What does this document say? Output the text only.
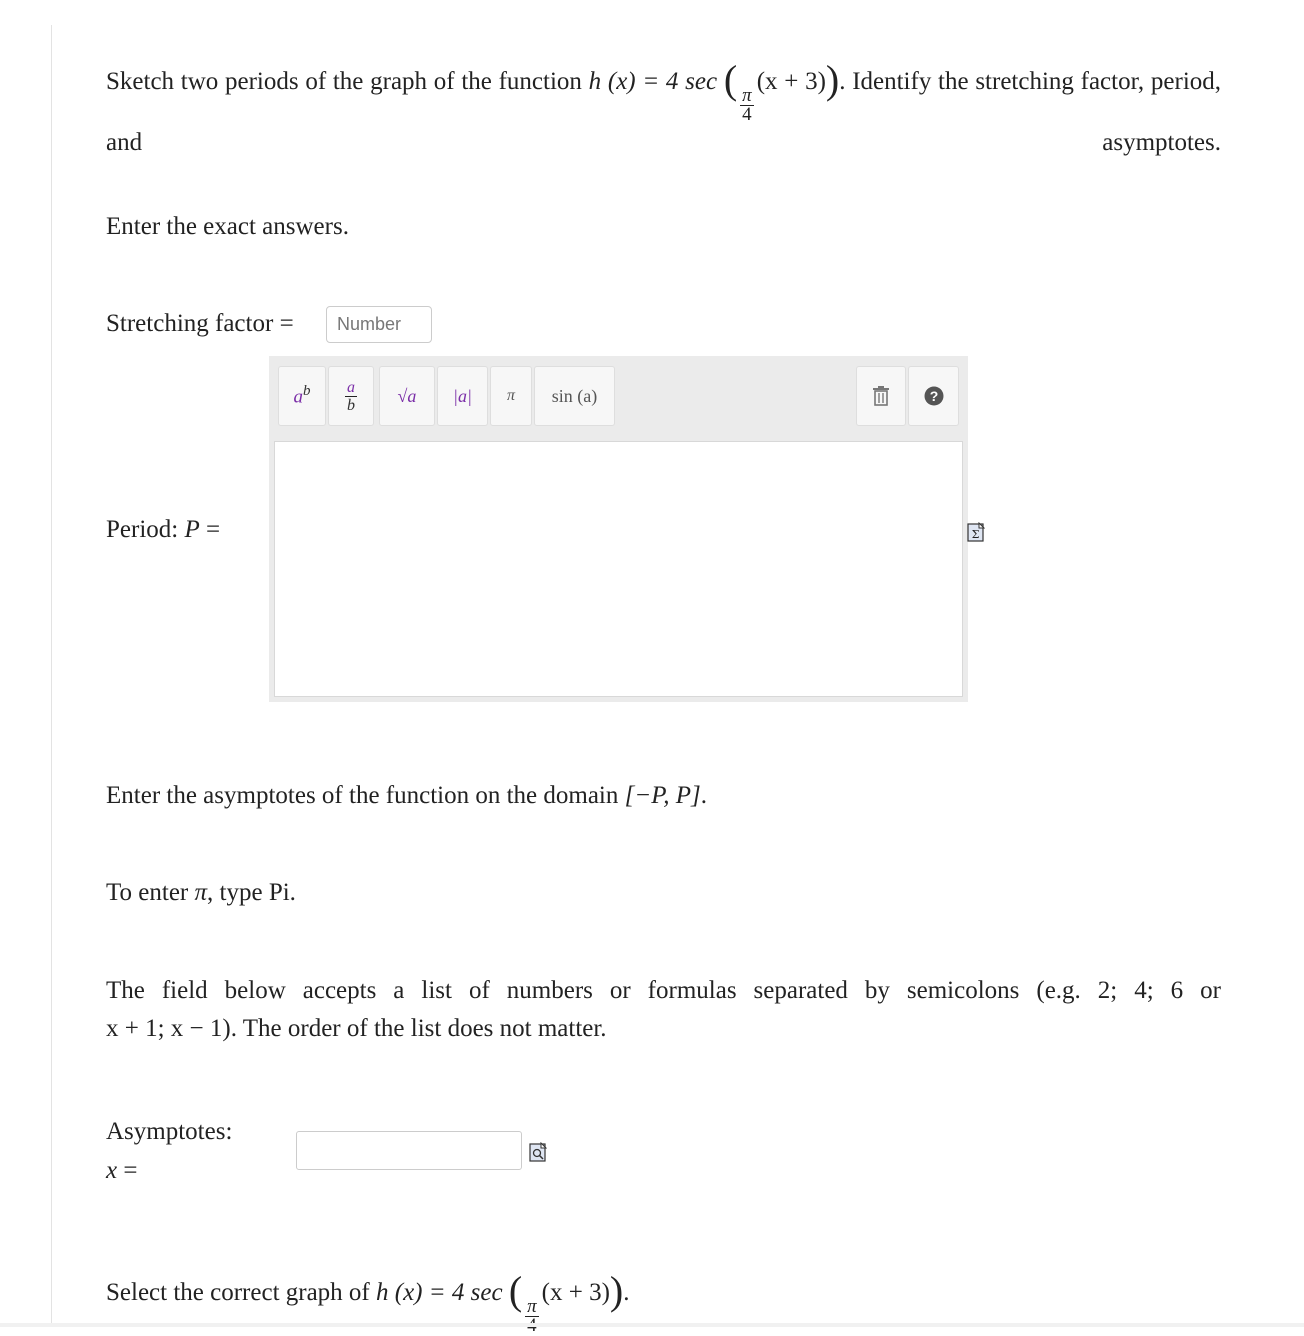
Sketch two periods of the graph of the function h (x) = 4 sec (
$\frac{\pi}{4}$
(x + 3)). Identify the stretching factor, period, and asymptotes.
Enter the exact answers.
Stretching factor =
Number
Period: P =
$a^b \frac{a}{b} √a$ |a| π sin (a)	?
Σ
Enter the asymptotes of the function on the domain [−P, P].
To enter π, type Pi.
The field below accepts a list of numbers or formulas separated by semicolons (e.g. 2; 4; 6 or
x + 1; x − 1). The order of the list does not matter.
Asymptotes:
x =
Select the correct graph of h (x) = 4 sec ( π
(x + 3)).
